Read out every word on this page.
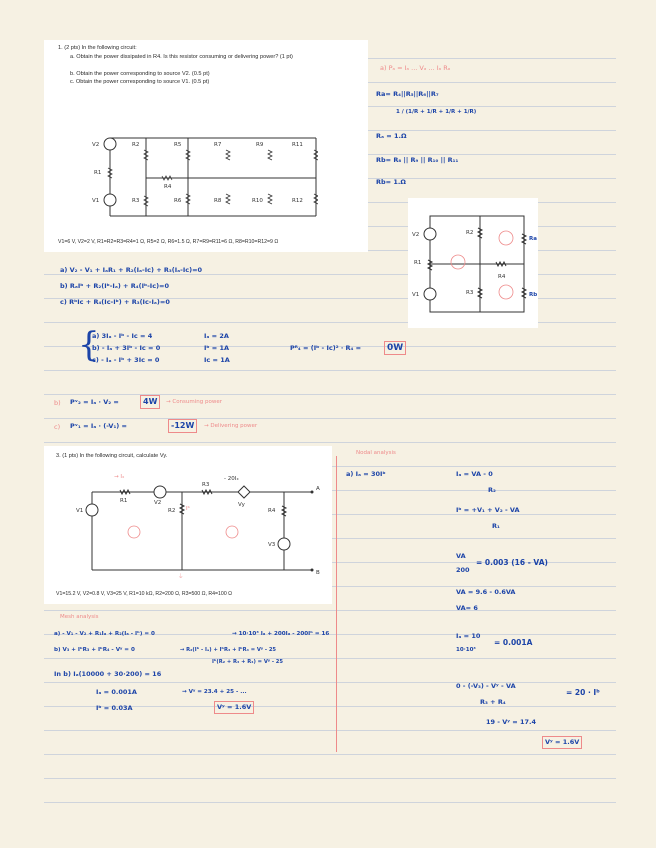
1. (2 pts) In the following circuit:
a. Obtain the power dissipated in R4. Is this resistor consuming or delivering power? (1 pt)
b. Obtain the power corresponding to source V2. (0.5 pt)
c. Obtain the power corresponding to source V1. (0.5 pt)
V2	R2	R5	R7	R9	R11
R1
R4
V1	R3	R6	R8	R10	R12
V1=6 V, V2=2 V, R1=R2=R3=R4=1 Ω, R5=2 Ω, R6=1.5 Ω, R7=R9=R11=6 Ω, R8=R10=R12=9 Ω
a) Pₐ = Iₐ ... Vₐ ... Iₐ Rₐ
Ra= R₄||R₅||R₆||R₇
1 / (1/R + 1/R + 1/R + 1/R)
Rₐ = 1.Ω
Rb= R₈ || R₉ || R₁₀ || R₁₁
Rb= 1.Ω
V2	R2
R1
R4
V1	R3
Ra
Rb
a) V₂ - V₁ + IₐR₁ + R₂(Iₐ-Iᴄ) + R₃(Iₐ-Iᴄ)=0
b) RₐIᵇ + R₂(Iᵇ-Iₐ) + R₄(Iᵇ-Iᴄ)=0
c) RᵇIᴄ + R₄(Iᴄ-Iᵇ) + R₃(Iᴄ-Iₐ)=0
{
a) 3Iₐ - Iᵇ - Iᴄ = 4
b) - Iₐ + 3Iᵇ - Iᴄ = 0
c) - Iₐ - Iᵇ + 3Iᴄ = 0
Iₐ = 2A
Iᵇ = 1A
Iᴄ = 1A
Pᴿ₄ = (Iᵇ - Iᴄ)² · R₄ =	0W
b) Pᵛ₂ = Iₐ · V₂ =	4W	→ Consuming power
c) Pᵛ₁ = Iₐ · (-V₁) =	-12W	→ Delivering power
3. (1 pts) In the following circuit, calculate Vy.
V1
R1	V2
R2
R3
Vy
R4
V3
A
B
- 20Iₓ
→ Iₓ
Iᵇ
⏚
V1=15.2 V, V2=0.8 V, V3=25 V, R1=10 kΩ, R2=200 Ω, R3=500 Ω, R4=100 Ω
Nodal analysis
a) Iₐ = 30Iᵇ	Iₐ = VA - 0
R₂
Iᵇ = +V₁ + V₂ - VA
R₁
VA
200
= 0.003 (16 - VA)
VA = 9.6 - 0.6VA
VA= 6
Iₐ = 10
10·10³
= 0.001A
0 - (-V₃) - Vʸ - VA
R₃ + R₄
= 20 · Iᵇ
19 - Vʸ = 17.4
Vʸ = 1.6V
Mesh analysis
a) - V₁ - V₂ + R₁Iₐ + R₂(Iₐ - Iᵇ) = 0	→ 10·10³ Iₐ + 200Iₐ - 200Iᵇ = 16
b) V₃ + IᵇR₃ + IᵇR₄ - Vʸ = 0	→ R₂(Iᵇ - Iₐ) + IᵇR₃ + IᵇR₄ = Vʸ - 25
Iᵇ(R₂ + R₃ + R₄) = Vʸ - 25
In b) Iₐ(10000 + 30·200) = 16
Iₐ = 0.001A	→ Vʸ = 23.4 + 25 - ...
Iᵇ = 0.03A	Vʸ = 1.6V
